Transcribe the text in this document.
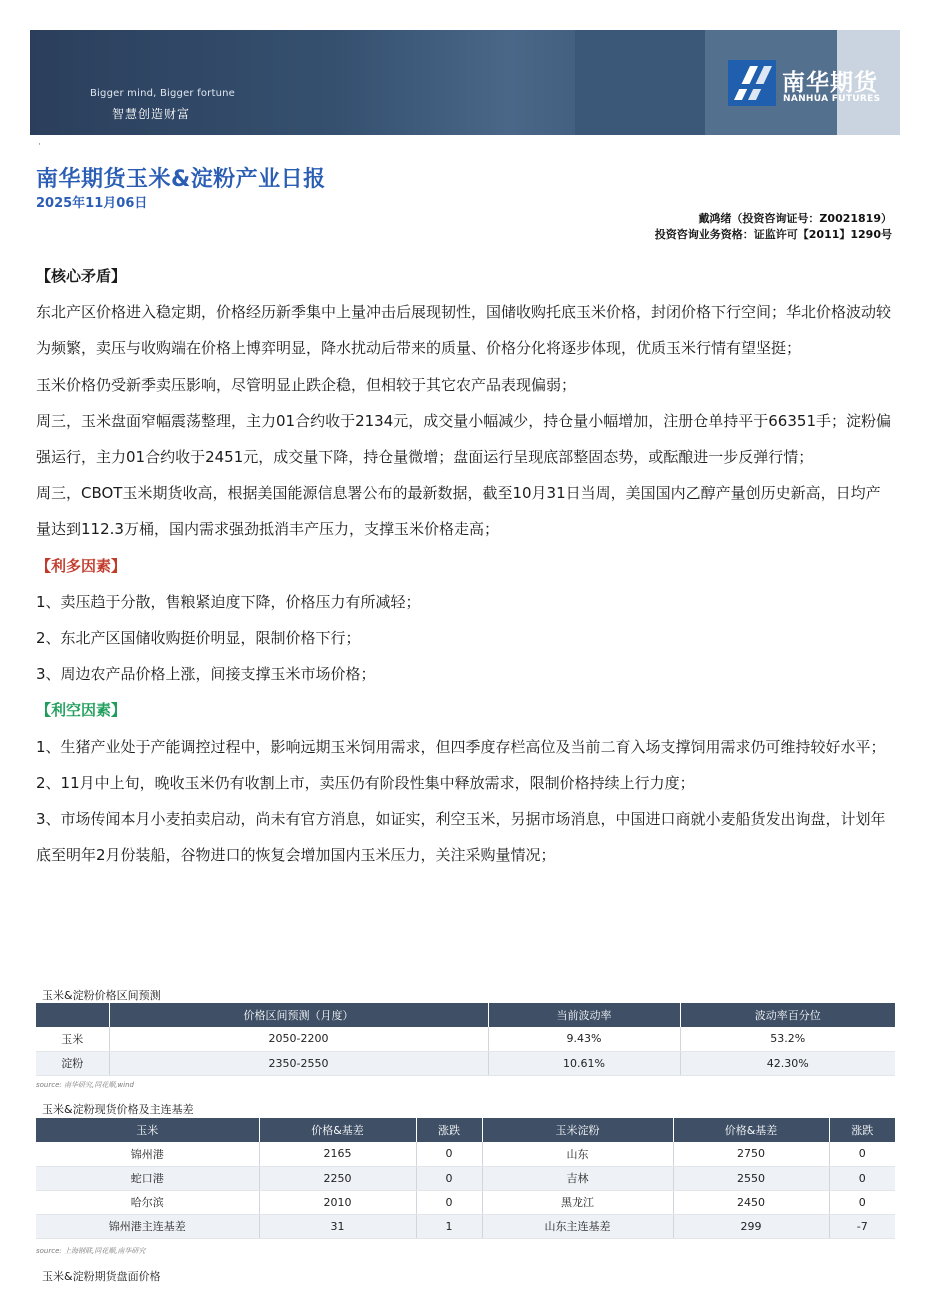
Bigger mind, Bigger fortune
智慧创造财富
南华期货
NANHUA FUTURES
·
南华期货玉米&淀粉产业日报
2025年11月06日
戴鸿绪（投资咨询证号：Z0021819）
投资咨询业务资格：证监许可【2011】1290号
【核心矛盾】
东北产区价格进入稳定期，价格经历新季集中上量冲击后展现韧性，国储收购托底玉米价格，封闭价格下行空间；华北价格波动较为频繁，卖压与收购端在价格上博弈明显，降水扰动后带来的质量、价格分化将逐步体现，优质玉米行情有望坚挺；
玉米价格仍受新季卖压影响，尽管明显止跌企稳，但相较于其它农产品表现偏弱；
周三，玉米盘面窄幅震荡整理，主力01合约收于2134元，成交量小幅减少，持仓量小幅增加，注册仓单持平于66351手；淀粉偏强运行，主力01合约收于2451元，成交量下降，持仓量微增；盘面运行呈现底部整固态势，或酝酿进一步反弹行情；
周三，CBOT玉米期货收高，根据美国能源信息署公布的最新数据，截至10月31日当周，美国国内乙醇产量创历史新高，日均产量达到112.3万桶，国内需求强劲抵消丰产压力，支撑玉米价格走高；
【利多因素】
1、卖压趋于分散，售粮紧迫度下降，价格压力有所减轻；
2、东北产区国储收购挺价明显，限制价格下行；
3、周边农产品价格上涨，间接支撑玉米市场价格；
【利空因素】
1、生猪产业处于产能调控过程中，影响远期玉米饲用需求，但四季度存栏高位及当前二育入场支撑饲用需求仍可维持较好水平；
2、11月中上旬，晚收玉米仍有收割上市，卖压仍有阶段性集中释放需求，限制价格持续上行力度；
3、市场传闻本月小麦拍卖启动，尚未有官方消息，如证实，利空玉米，另据市场消息，中国进口商就小麦船货发出询盘，计划年底至明年2月份装船，谷物进口的恢复会增加国内玉米压力，关注采购量情况；
玉米&淀粉价格区间预测
	价格区间预测（月度）	当前波动率	波动率百分位
玉米	2050-2200	9.43%	53.2%
淀粉	2350-2550	10.61%	42.30%
source: 南华研究,同花顺,wind
玉米&淀粉现货价格及主连基差
玉米	价格&基差	涨跌	玉米淀粉	价格&基差	涨跌
锦州港	2165	0	山东	2750	0
蛇口港	2250	0	吉林	2550	0
哈尔滨	2010	0	黑龙江	2450	0
锦州港主连基差	31	1	山东主连基差	299	-7
source: 上海钢联,同花顺,南华研究
玉米&淀粉期货盘面价格
